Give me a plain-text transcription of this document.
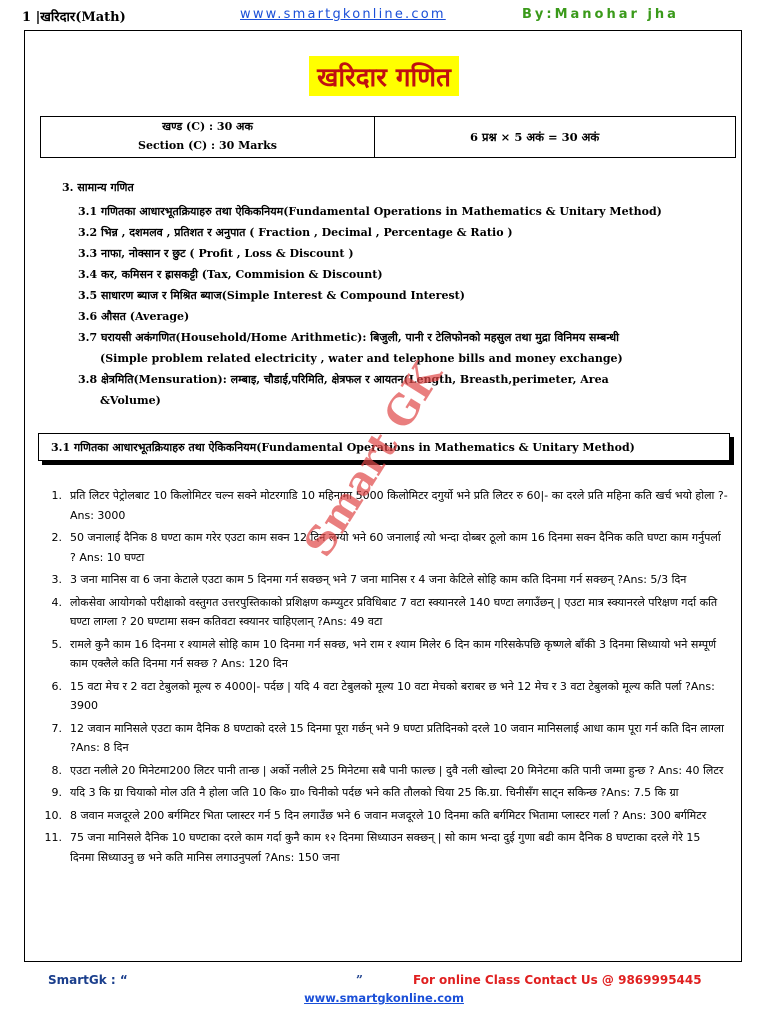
1 |खरिदार(Math)	www.smartgkonline.com	By:Manohar jha
खरिदार गणित
खण्ड (C) : 30 अक
Section (C) : 30 Marks
6 प्रश्न × 5 अकं = 30 अकं
3. सामान्य गणित
3.1 गणितका आधारभूतक्रियाहरु तथा ऐकिकनियम(Fundamental Operations in Mathematics & Unitary Method)
3.2 भिन्न , दशमलव , प्रतिशत र अनुपात ( Fraction , Decimal , Percentage & Ratio )
3.3 नाफा, नोक्सान र छुट ( Profit , Loss & Discount )
3.4 कर, कमिसन र ह्रासकट्टी (Tax, Commision & Discount)
3.5 साधारण ब्याज र मिश्रित ब्याज(Simple Interest & Compound Interest)
3.6 औसत (Average)
3.7 घरायसी अकंगणित(Household/Home Arithmetic): बिजुली, पानी र टेलिफोनको महसुल तथा मुद्रा विनिमय सम्बन्धी
(Simple problem related electricity , water and telephone bills and money exchange)
3.8 क्षेत्रमिति(Mensuration): लम्बाइ, चौडाई,परिमिति, क्षेत्रफल र आयतन(Length, Breasth,perimeter, Area
&Volume)
3.1 गणितका आधारभूतक्रियाहरु तथा ऐकिकनियम(Fundamental Operations in Mathematics & Unitary Method)
1. प्रति लिटर पेट्रोलबाट 10 किलोमिटर चल्न सक्ने मोटरगाडि 10 महिनामा 5000 किलोमिटर दगुर्यो भने प्रति लिटर रु 60|- का दरले प्रति महिना कति खर्च भयो होला ?- Ans: 3000
2. 50 जनालाई दैनिक 8 घण्टा काम गरेर एउटा काम सक्न 12 दिन लग्यो भने 60 जनालाई त्यो भन्दा दोब्बर ठूलो काम 16 दिनमा सक्न दैनिक कति घण्टा काम गर्नुपर्ला ? Ans: 10 घण्टा
3. 3 जना मानिस वा 6 जना केटाले एउटा काम 5 दिनमा गर्न सक्छन् भने 7 जना मानिस र 4 जना केटिले सोहि काम कति दिनमा गर्न सक्छन् ?Ans: 5/3 दिन
4. लोकसेवा आयोगको परीक्षाको वस्तुगत उत्तरपुस्तिकाको प्रशिक्षण कम्प्युटर प्रविधिबाट 7 वटा स्क्यानरले 140 घण्टा लगाउँछन् | एउटा मात्र स्क्यानरले परिक्षण गर्दा कति घण्टा लाग्ला ? 20 घण्टामा सक्न कतिवटा स्क्यानर चाहिएलान् ?Ans: 49 वटा
5. रामले कुनै काम 16 दिनमा र श्यामले सोहि काम 10 दिनमा गर्न सक्छ, भने राम र श्याम मिलेर 6 दिन काम गरिसकेपछि कृष्णले बाँकी 3 दिनमा सिध्यायो भने सम्पूर्ण काम एक्लैले कति दिनमा गर्न सक्छ ? Ans: 120 दिन
6. 15 वटा मेच र 2 वटा टेबुलको मूल्य रु 4000|- पर्दछ | यदि 4 वटा टेबुलको मूल्य 10 वटा मेचको बराबर छ भने 12 मेच र 3 वटा टेबुलको मूल्य कति पर्ला ?Ans: 3900
7. 12 जवान मानिसले एउटा काम दैनिक 8 घण्टाको दरले 15 दिनमा पूरा गर्छन् भने 9 घण्टा प्रतिदिनको दरले 10 जवान मानिसलाई आधा काम पूरा गर्न कति दिन लाग्ला ?Ans: 8 दिन
8. एउटा नलीले 20 मिनेटमा200 लिटर पानी तान्छ | अर्को नलीले 25 मिनेटमा सबै पानी फाल्छ | दुवै नली खोल्दा 20 मिनेटमा कति पानी जम्मा हुन्छ ? Ans: 40 लिटर
9. यदि 3 कि ग्रा चियाको मोल उति नै होला जति 10 कि० ग्रा० चिनीको पर्दछ भने कति तौलको चिया 25 कि.ग्रा. चिनीसँग साट्न सकिन्छ ?Ans: 7.5 कि ग्रा
10. 8 जवान मजदूरले 200 बर्गमिटर भिता प्लास्टर गर्न 5 दिन लगाउँछ भने 6 जवान मजदूरले 10 दिनमा कति बर्गमिटर भितामा प्लास्टर गर्ला ? Ans: 300 बर्गमिटर
11. 75 जना मानिसले दैनिक 10 घण्टाका दरले काम गर्दा कुनै काम १२ दिनमा सिध्याउन सक्छन् | सो काम भन्दा दुई गुणा बढी काम दैनिक 8 घण्टाका दरले गेरे 15 दिनमा सिध्याउनु छ भने कति मानिस लगाउनुपर्ला ?Ans: 150 जना
Smart GK
SmartGk : “	”	For online Class Contact Us @ 9869995445
www.smartgkonline.com
